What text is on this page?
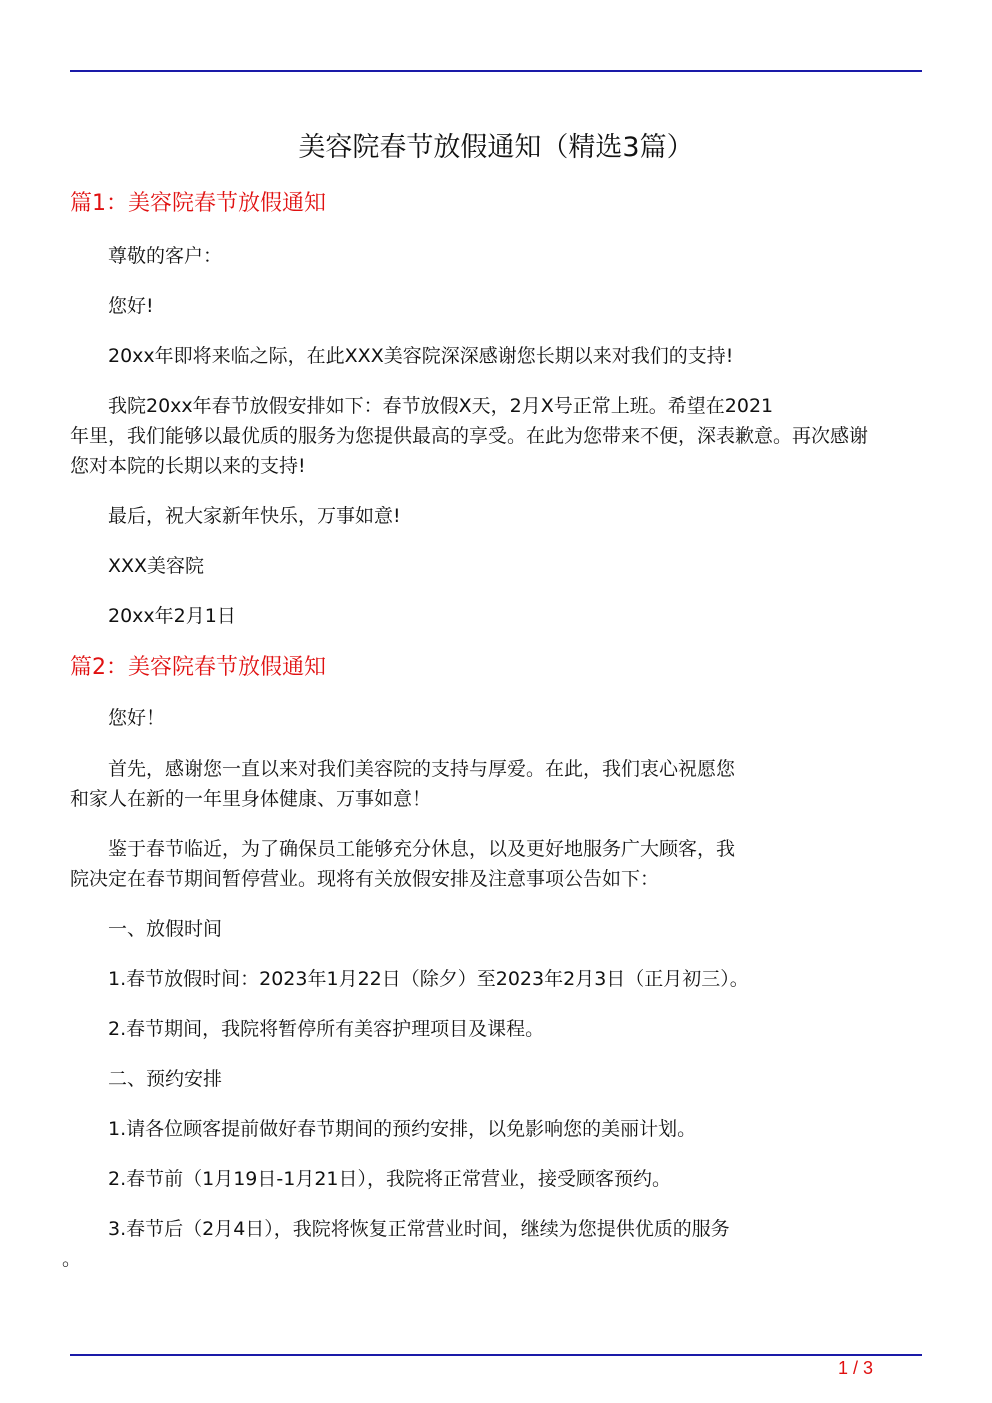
美容院春节放假通知（精选3篇）
篇1：美容院春节放假通知
尊敬的客户：
您好!
20xx年即将来临之际，在此XXX美容院深深感谢您长期以来对我们的支持!
我院20xx年春节放假安排如下：春节放假X天，2月X号正常上班。希望在2021
年里，我们能够以最优质的服务为您提供最高的享受。在此为您带来不便，深表歉意。再次感谢
您对本院的长期以来的支持!
最后，祝大家新年快乐，万事如意!
XXX美容院
20xx年2月1日
篇2：美容院春节放假通知
您好！
首先，感谢您一直以来对我们美容院的支持与厚爱。在此，我们衷心祝愿您
和家人在新的一年里身体健康、万事如意！
鉴于春节临近，为了确保员工能够充分休息，以及更好地服务广大顾客，我
院决定在春节期间暂停营业。现将有关放假安排及注意事项公告如下：
一、放假时间
1.春节放假时间：2023年1月22日（除夕）至2023年2月3日（正月初三）。
2.春节期间，我院将暂停所有美容护理项目及课程。
二、预约安排
1.请各位顾客提前做好春节期间的预约安排，以免影响您的美丽计划。
2.春节前（1月19日-1月21日），我院将正常营业，接受顾客预约。
3.春节后（2月4日），我院将恢复正常营业时间，继续为您提供优质的服务
。
1 / 3
